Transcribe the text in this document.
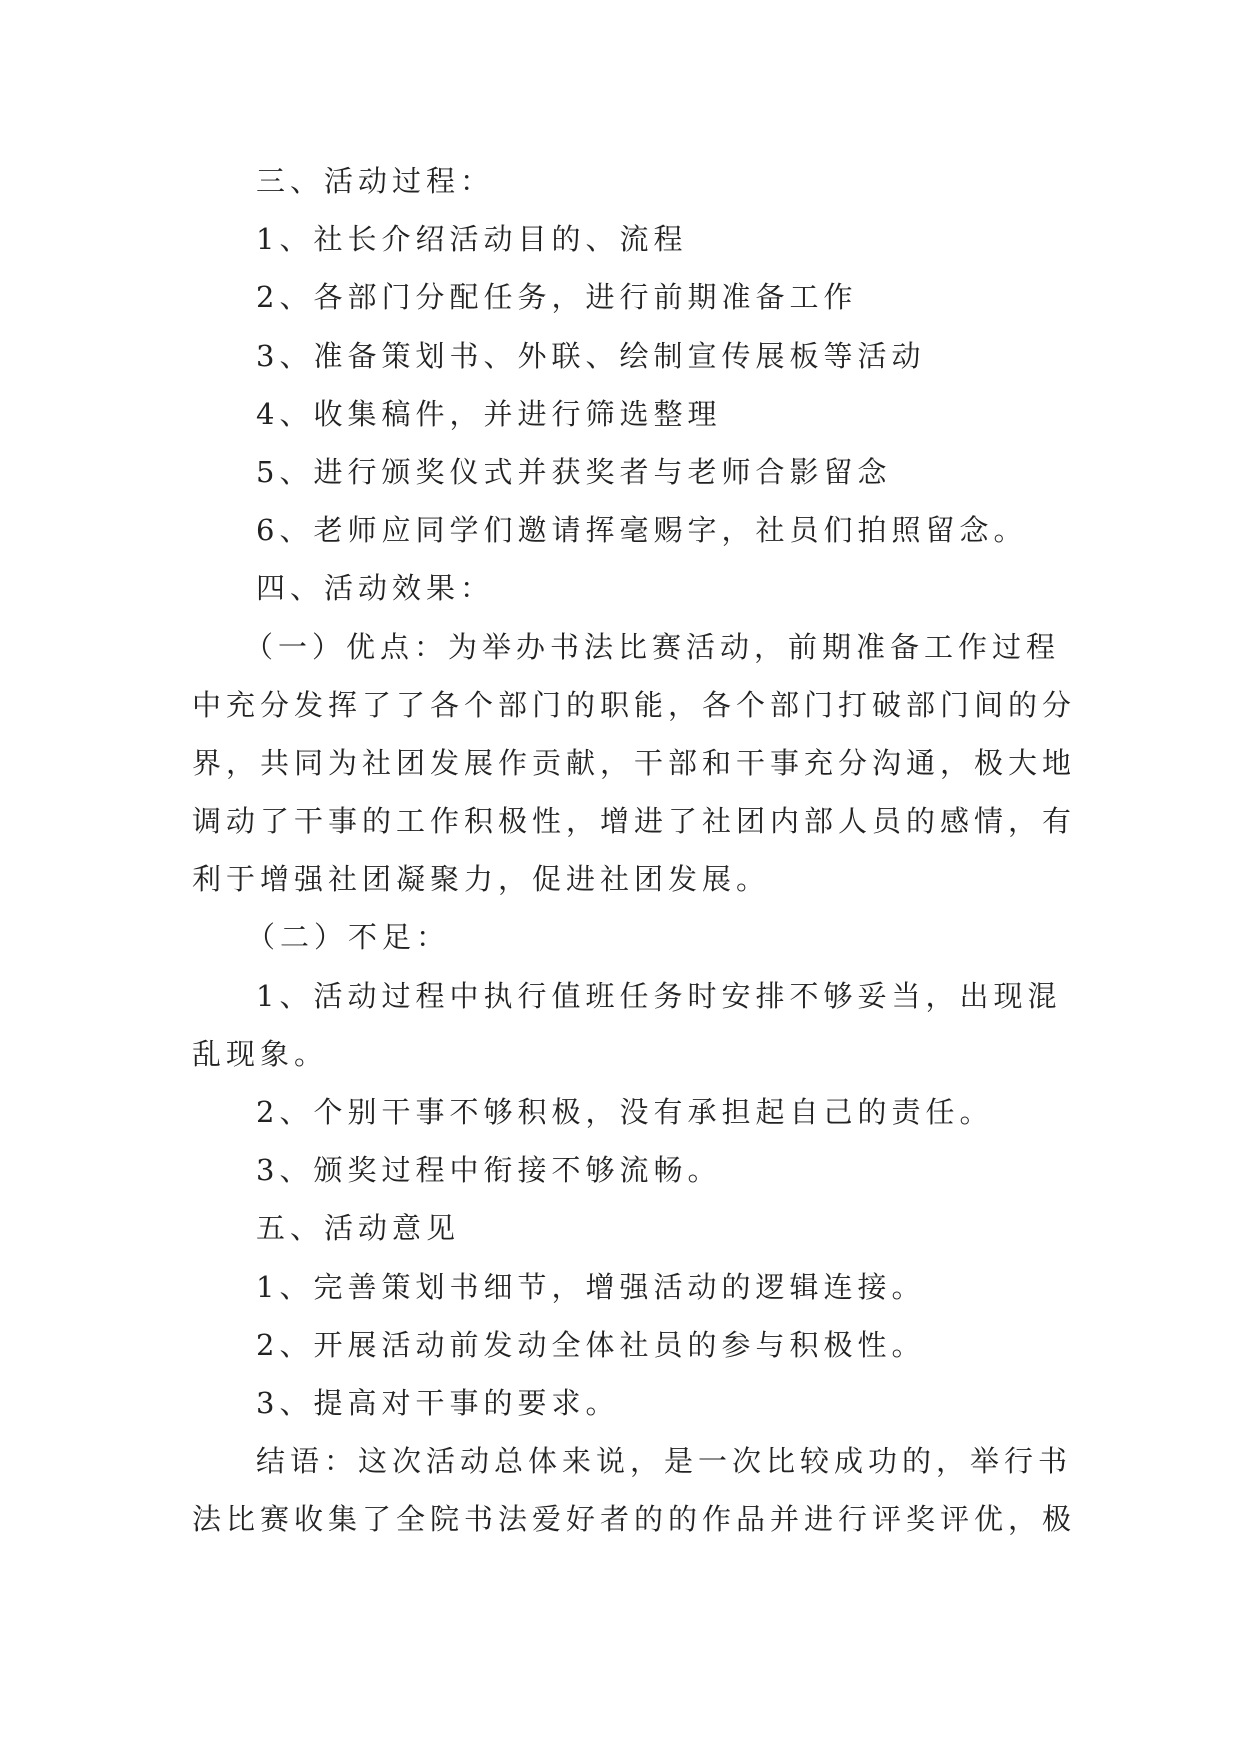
三、活动过程：
1、社长介绍活动目的、流程
2、各部门分配任务，进行前期准备工作
3、准备策划书、外联、绘制宣传展板等活动
4、收集稿件，并进行筛选整理
5、进行颁奖仪式并获奖者与老师合影留念
6、老师应同学们邀请挥毫赐字，社员们拍照留念。
四、活动效果：
（一）优点：为举办书法比赛活动，前期准备工作过程
中充分发挥了了各个部门的职能，各个部门打破部门间的分
界，共同为社团发展作贡献，干部和干事充分沟通，极大地
调动了干事的工作积极性，增进了社团内部人员的感情，有
利于增强社团凝聚力，促进社团发展。
（二）不足：
1、活动过程中执行值班任务时安排不够妥当，出现混
乱现象。
2、个别干事不够积极，没有承担起自己的责任。
3、颁奖过程中衔接不够流畅。
五、活动意见
1、完善策划书细节，增强活动的逻辑连接。
2、开展活动前发动全体社员的参与积极性。
3、提高对干事的要求。
结语：这次活动总体来说，是一次比较成功的，举行书
法比赛收集了全院书法爱好者的的作品并进行评奖评优，极
